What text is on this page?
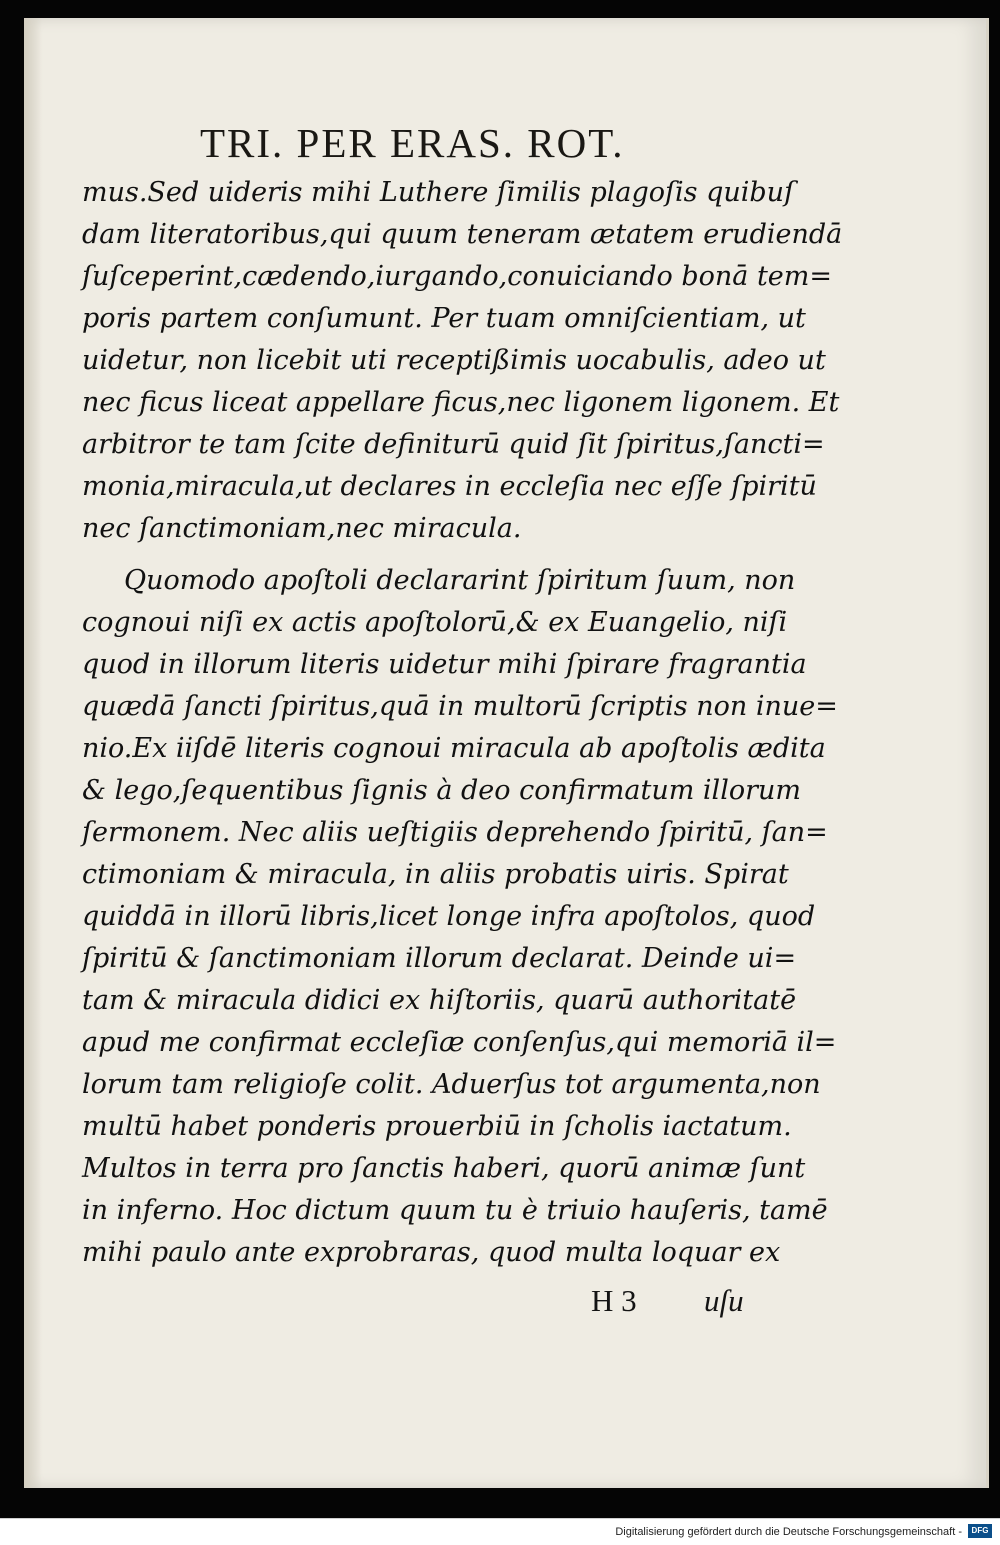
TRI. PER ERAS. ROT.
mus.Sed uideris mihi Luthere ſimilis plagoſis quibuſ
dam literatoribus,qui quum teneram ætatem erudiendā
ſuſceperint,cædendo,iurgando,conuiciando bonā tem=
poris partem conſumunt. Per tuam omniſcientiam, ut
uidetur, non licebit uti receptißimis uocabulis, adeo ut
nec ficus liceat appellare ficus,nec ligonem ligonem. Et
arbitror te tam ſcite definiturū quid ſit ſpiritus,ſancti=
monia,miracula,ut declares in eccleſia nec eſſe ſpiritū
nec ſanctimoniam,nec miracula.
Quomodo apoſtoli declararint ſpiritum ſuum, non
cognoui niſi ex actis apoſtolorū,& ex Euangelio, niſi
quod in illorum literis uidetur mihi ſpirare fragrantia
quædā ſancti ſpiritus,quā in multorū ſcriptis non inue=
nio.Ex iiſdē literis cognoui miracula ab apoſtolis ædita
& lego,ſequentibus ſignis à deo confirmatum illorum
ſermonem. Nec aliis ueſtigiis deprehendo ſpiritū, ſan=
ctimoniam & miracula, in aliis probatis uiris. Spirat
quiddā in illorū libris,licet longe infra apoſtolos, quod
ſpiritū & ſanctimoniam illorum declarat. Deinde ui=
tam & miracula didici ex hiſtoriis, quarū authoritatē
apud me confirmat eccleſiæ conſenſus,qui memoriā il=
lorum tam religioſe colit. Aduerſus tot argumenta,non
multū habet ponderis prouerbiū in ſcholis iactatum.
Multos in terra pro ſanctis haberi, quorū animæ ſunt
in inferno. Hoc dictum quum tu è triuio hauſeris, tamē
mihi paulo ante exprobraras, quod multa loquar ex
H 3 uſu
Digitalisierung gefördert durch die Deutsche Forschungsgemeinschaft -	DFG
